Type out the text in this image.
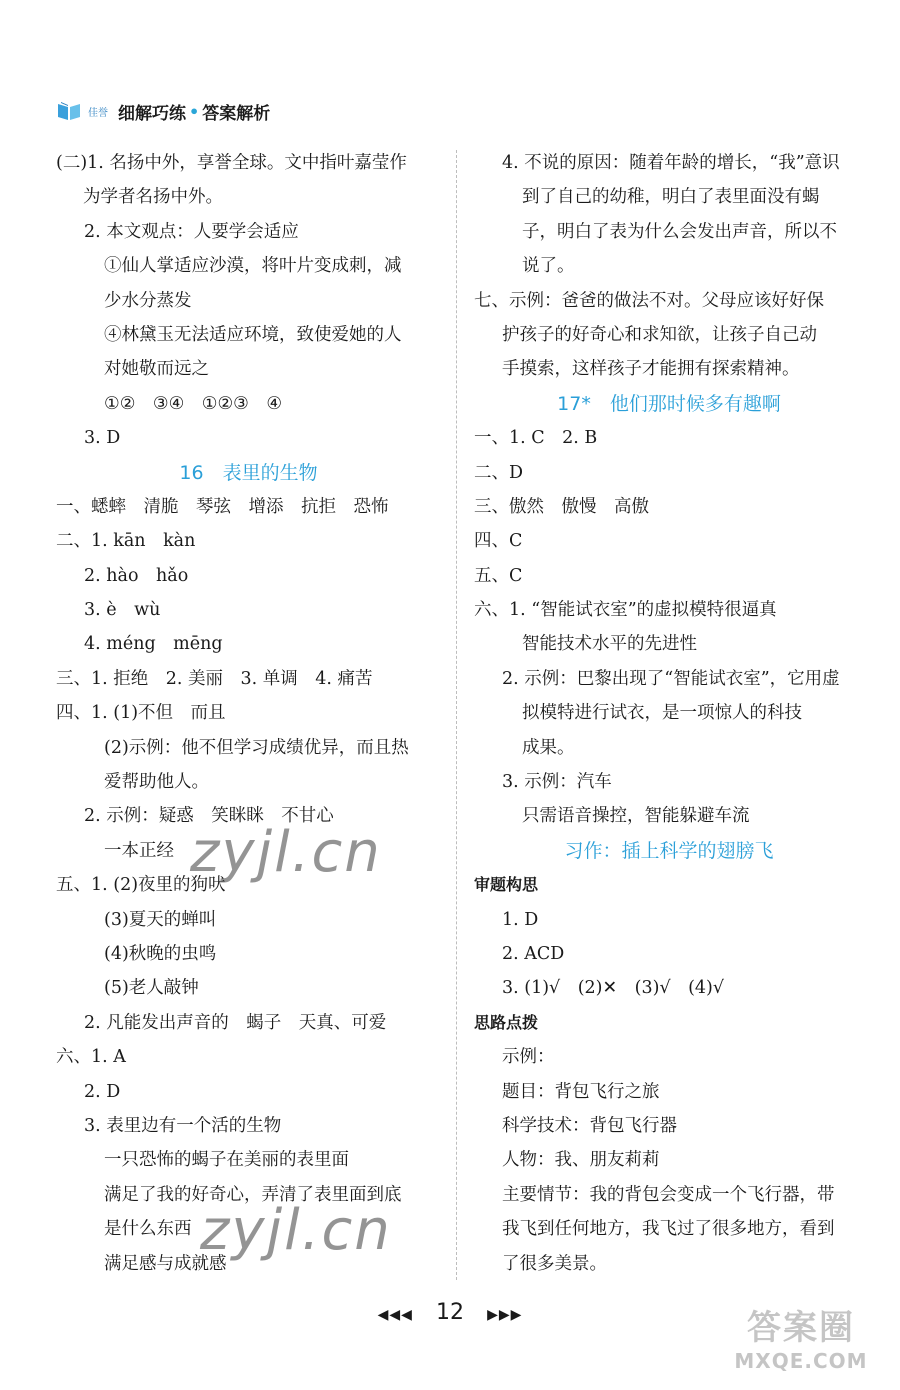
佳誉 细解巧练 • 答案解析
(二)1. 名扬中外，享誉全球。文中指叶嘉莹作
为学者名扬中外。
2. 本文观点：人要学会适应
①仙人掌适应沙漠，将叶片变成刺，减
少水分蒸发
④林黛玉无法适应环境，致使爱她的人
对她敬而远之
①②　③④　①②③　④
3. D
16　表里的生物
一、蟋蟀　清脆　琴弦　增添　抗拒　恐怖
二、1. kān　kàn
2. hào　hǎo
3. è　wù
4. méng　mēng
三、1. 拒绝　2. 美丽　3. 单调　4. 痛苦
四、1. (1)不但　而且
(2)示例：他不但学习成绩优异，而且热
爱帮助他人。
2. 示例：疑惑　笑眯眯　不甘心
一本正经
五、1. (2)夜里的狗吠
(3)夏天的蝉叫
(4)秋晚的虫鸣
(5)老人敲钟
2. 凡能发出声音的　蝎子　天真、可爱
六、1. A
2. D
3. 表里边有一个活的生物
一只恐怖的蝎子在美丽的表里面
满足了我的好奇心，弄清了表里面到底
是什么东西
满足感与成就感
4. 不说的原因：随着年龄的增长，“我”意识
到了自己的幼稚，明白了表里面没有蝎
子，明白了表为什么会发出声音，所以不
说了。
七、示例：爸爸的做法不对。父母应该好好保
护孩子的好奇心和求知欲，让孩子自己动
手摸索，这样孩子才能拥有探索精神。
17*　他们那时候多有趣啊
一、1. C　2. B
二、D
三、傲然　傲慢　高傲
四、C
五、C
六、1. “智能试衣室”的虚拟模特很逼真
智能技术水平的先进性
2. 示例：巴黎出现了“智能试衣室”，它用虚
拟模特进行试衣，是一项惊人的科技
成果。
3. 示例：汽车
只需语音操控，智能躲避车流
习作：插上科学的翅膀飞
审题构思
1. D
2. ACD
3. (1)√　(2)✕　(3)√　(4)√
思路点拨
示例：
题目：背包飞行之旅
科学技术：背包飞行器
人物：我、朋友莉莉
主要情节：我的背包会变成一个飞行器，带
我飞到任何地方，我飞过了很多地方，看到
了很多美景。
zyjl.cn
zyjl.cn
◀◀◀ 12 ▶▶▶	答案圈
MXQE.COM
